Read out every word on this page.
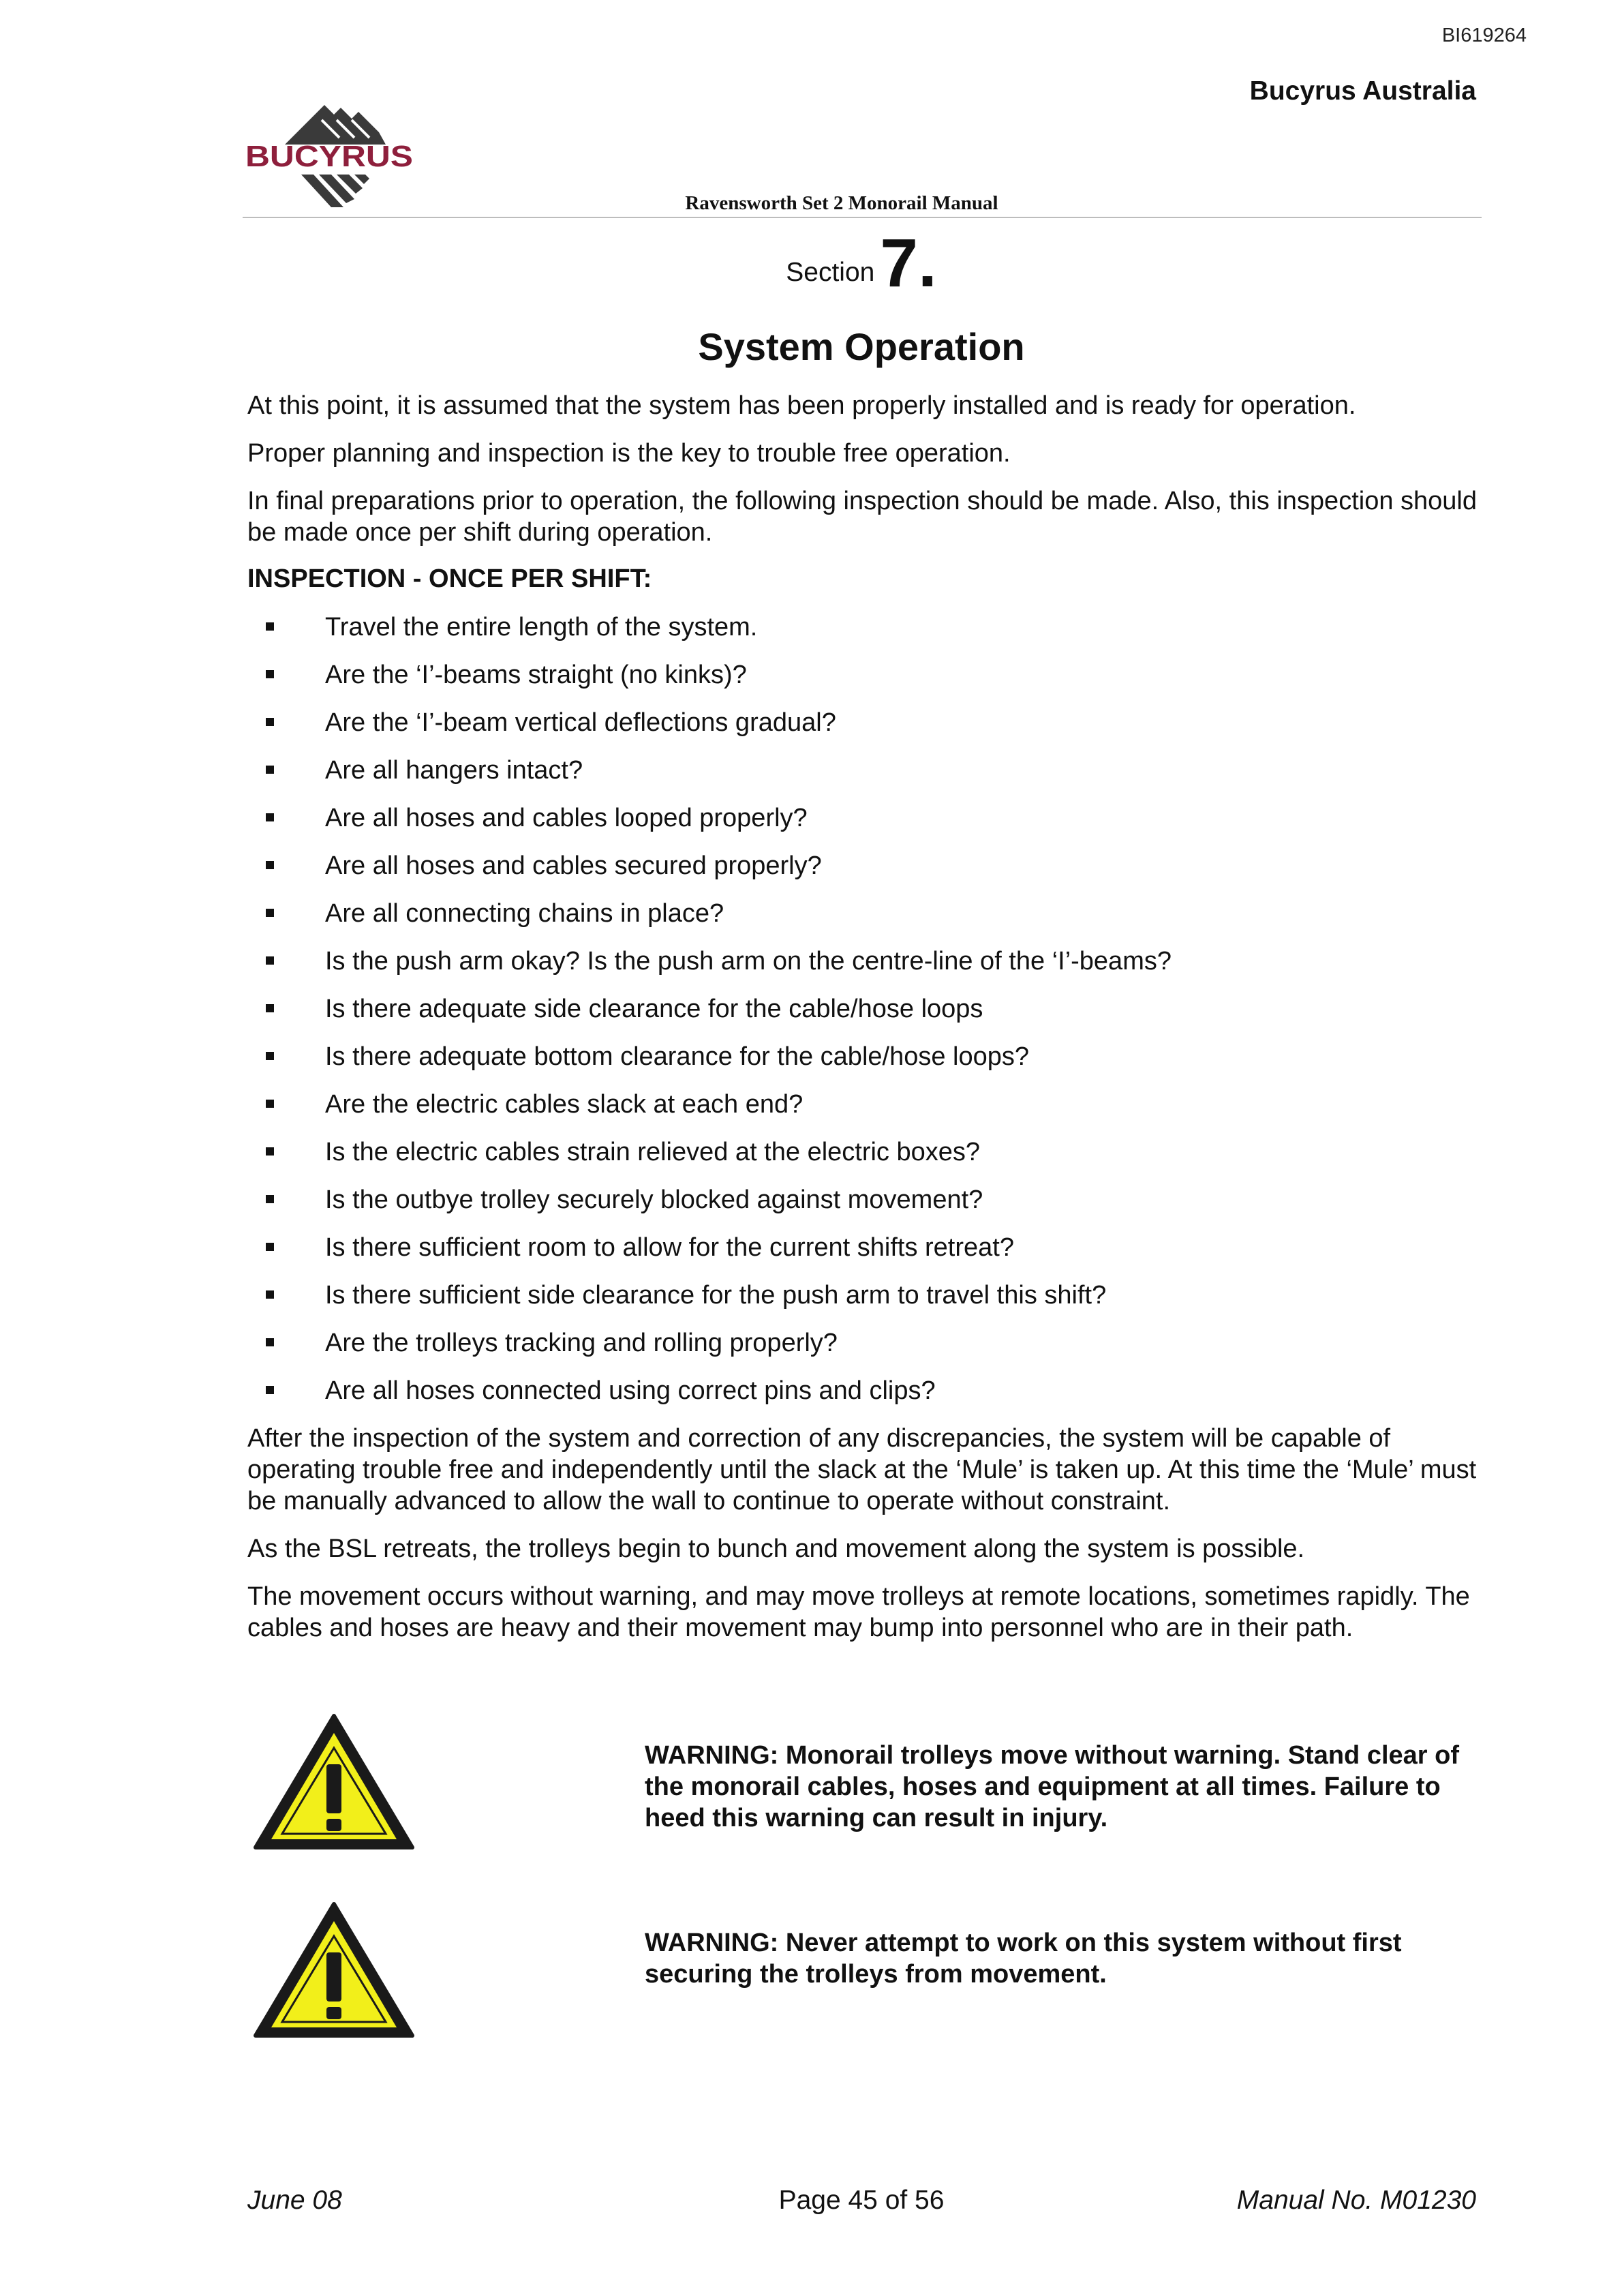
BI619264
Bucyrus Australia
BUCYRUS
Ravensworth Set 2 Monorail Manual
Section7.
System Operation

At this point, it is assumed that the system has been properly installed and is ready for operation.

Proper planning and inspection is the key to trouble free operation.

In final preparations prior to operation, the following inspection should be made. Also, this inspection should be made once per shift during operation.

INSPECTION - ONCE PER SHIFT:
Travel the entire length of the system.
Are the ‘I’-beams straight (no kinks)?
Are the ‘I’-beam vertical deflections gradual?
Are all hangers intact?
Are all hoses and cables looped properly?
Are all hoses and cables secured properly?
Are all connecting chains in place?
Is the push arm okay? Is the push arm on the centre-line of the ‘I’-beams?
Is there adequate side clearance for the cable/hose loops
Is there adequate bottom clearance for the cable/hose loops?
Are the electric cables slack at each end?
Is the electric cables strain relieved at the electric boxes?
Is the outbye trolley securely blocked against movement?
Is there sufficient room to allow for the current shifts retreat?
Is there sufficient side clearance for the push arm to travel this shift?
Are the trolleys tracking and rolling properly?
Are all hoses connected using correct pins and clips?

After the inspection of the system and correction of any discrepancies, the system will be capable of operating trouble free and independently until the slack at the ‘Mule’ is taken up. At this time the ‘Mule’ must be manually advanced to allow the wall to continue to operate without constraint.

As the BSL retreats, the trolleys begin to bunch and movement along the system is possible.

The movement occurs without warning, and may move trolleys at remote locations, sometimes rapidly. The cables and hoses are heavy and their movement may bump into personnel who are in their path.

WARNING: Monorail trolleys move without warning. Stand clear of the monorail cables, hoses and equipment at all times. Failure to heed this warning can result in injury.

WARNING: Never attempt to work on this system without first securing the trolleys from movement.

June 08	Page 45 of 56	Manual No. M01230
